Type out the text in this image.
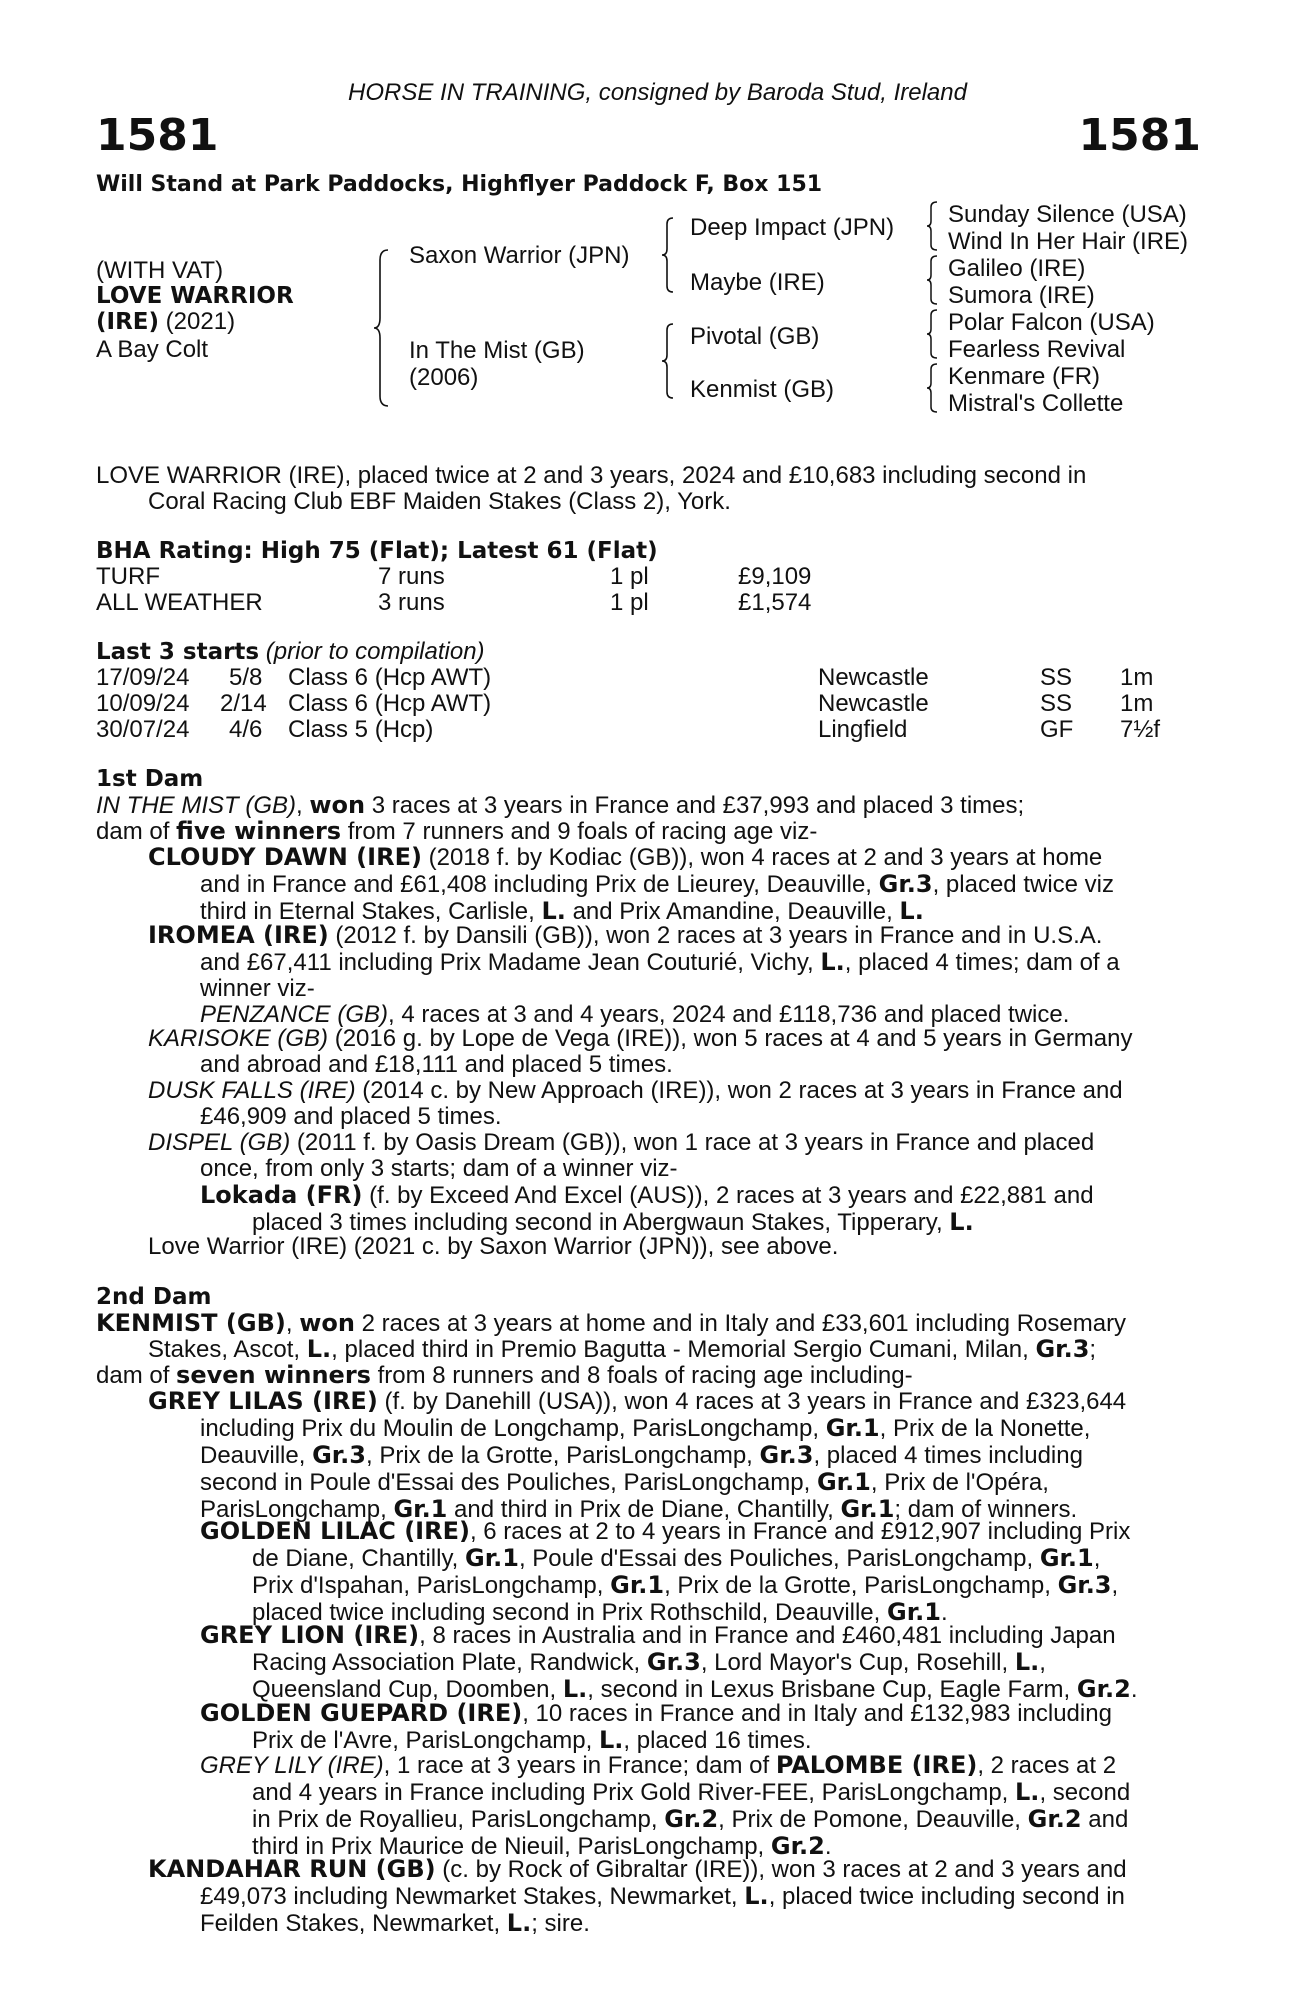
HORSE IN TRAINING, consigned by Baroda Stud, Ireland
1581	1581
Will Stand at Park Paddocks, Highflyer Paddock F, Box 151
(WITH VAT)
LOVE WARRIOR
(IRE) (2021)
A Bay Colt
Saxon Warrior (JPN)
In The Mist (GB)
(2006)
Deep Impact (JPN)
Maybe (IRE)
Pivotal (GB)
Kenmist (GB)
Sunday Silence (USA)
Wind In Her Hair (IRE)
Galileo (IRE)
Sumora (IRE)
Polar Falcon (USA)
Fearless Revival
Kenmare (FR)
Mistral's Collette
LOVE WARRIOR (IRE), placed twice at 2 and 3 years, 2024 and £10,683 including second in
Coral Racing Club EBF Maiden Stakes (Class 2), York.
BHA Rating: High 75 (Flat); Latest 61 (Flat)
TURF	7 runs	1 pl	£9,109
ALL WEATHER	3 runs	1 pl	£1,574
Last 3 starts (prior to compilation)
17/09/24 5/8 Class 6 (Hcp AWT)	Newcastle	SS 1m
10/09/24 2/14 Class 6 (Hcp AWT)	Newcastle	SS 1m
30/07/24 4/6 Class 5 (Hcp)	Lingfield	GF 7½f
1st Dam
IN THE MIST (GB), won 3 races at 3 years in France and £37,993 and placed 3 times;
dam of five winners from 7 runners and 9 foals of racing age viz-
CLOUDY DAWN (IRE) (2018 f. by Kodiac (GB)), won 4 races at 2 and 3 years at home
and in France and £61,408 including Prix de Lieurey, Deauville, Gr.3, placed twice viz
third in Eternal Stakes, Carlisle, L. and Prix Amandine, Deauville, L.
IROMEA (IRE) (2012 f. by Dansili (GB)), won 2 races at 3 years in France and in U.S.A.
and £67,411 including Prix Madame Jean Couturié, Vichy, L., placed 4 times; dam of a
winner viz-
PENZANCE (GB), 4 races at 3 and 4 years, 2024 and £118,736 and placed twice.
KARISOKE (GB) (2016 g. by Lope de Vega (IRE)), won 5 races at 4 and 5 years in Germany
and abroad and £18,111 and placed 5 times.
DUSK FALLS (IRE) (2014 c. by New Approach (IRE)), won 2 races at 3 years in France and
£46,909 and placed 5 times.
DISPEL (GB) (2011 f. by Oasis Dream (GB)), won 1 race at 3 years in France and placed
once, from only 3 starts; dam of a winner viz-
Lokada (FR) (f. by Exceed And Excel (AUS)), 2 races at 3 years and £22,881 and
placed 3 times including second in Abergwaun Stakes, Tipperary, L.
Love Warrior (IRE) (2021 c. by Saxon Warrior (JPN)), see above.
2nd Dam
KENMIST (GB), won 2 races at 3 years at home and in Italy and £33,601 including Rosemary
Stakes, Ascot, L., placed third in Premio Bagutta - Memorial Sergio Cumani, Milan, Gr.3;
dam of seven winners from 8 runners and 8 foals of racing age including-
GREY LILAS (IRE) (f. by Danehill (USA)), won 4 races at 3 years in France and £323,644
including Prix du Moulin de Longchamp, ParisLongchamp, Gr.1, Prix de la Nonette,
Deauville, Gr.3, Prix de la Grotte, ParisLongchamp, Gr.3, placed 4 times including
second in Poule d'Essai des Pouliches, ParisLongchamp, Gr.1, Prix de l'Opéra,
ParisLongchamp, Gr.1 and third in Prix de Diane, Chantilly, Gr.1; dam of winners.
GOLDEN LILAC (IRE), 6 races at 2 to 4 years in France and £912,907 including Prix
de Diane, Chantilly, Gr.1, Poule d'Essai des Pouliches, ParisLongchamp, Gr.1,
Prix d'Ispahan, ParisLongchamp, Gr.1, Prix de la Grotte, ParisLongchamp, Gr.3,
placed twice including second in Prix Rothschild, Deauville, Gr.1.
GREY LION (IRE), 8 races in Australia and in France and £460,481 including Japan
Racing Association Plate, Randwick, Gr.3, Lord Mayor's Cup, Rosehill, L.,
Queensland Cup, Doomben, L., second in Lexus Brisbane Cup, Eagle Farm, Gr.2.
GOLDEN GUEPARD (IRE), 10 races in France and in Italy and £132,983 including
Prix de l'Avre, ParisLongchamp, L., placed 16 times.
GREY LILY (IRE), 1 race at 3 years in France; dam of PALOMBE (IRE), 2 races at 2
and 4 years in France including Prix Gold River-FEE, ParisLongchamp, L., second
in Prix de Royallieu, ParisLongchamp, Gr.2, Prix de Pomone, Deauville, Gr.2 and
third in Prix Maurice de Nieuil, ParisLongchamp, Gr.2.
KANDAHAR RUN (GB) (c. by Rock of Gibraltar (IRE)), won 3 races at 2 and 3 years and
£49,073 including Newmarket Stakes, Newmarket, L., placed twice including second in
Feilden Stakes, Newmarket, L.; sire.
